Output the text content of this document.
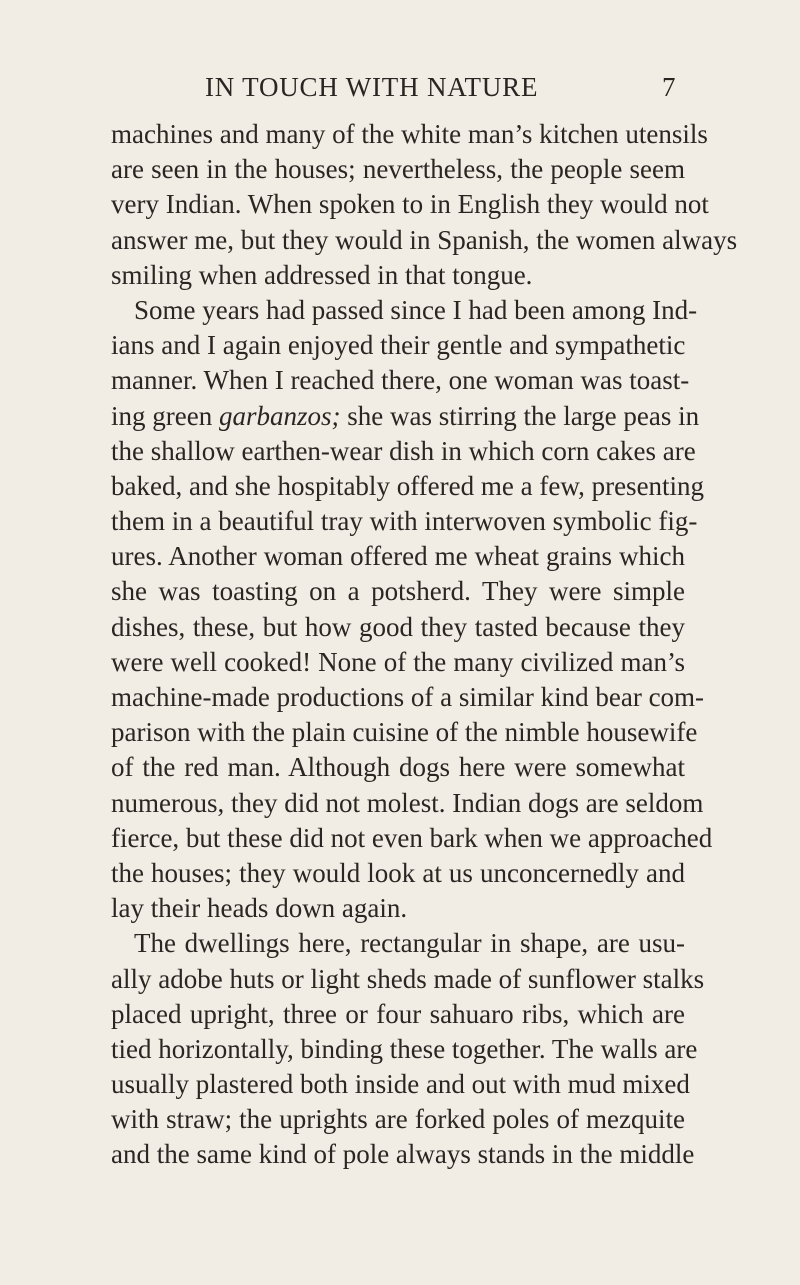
IN TOUCH WITH NATURE	7
machines and many of the white man’s kitchen utensils
are seen in the houses; nevertheless, the people seem
very Indian. When spoken to in English they would not
answer me, but they would in Spanish, the women always
smiling when addressed in that tongue.
Some years had passed since I had been among Ind-
ians and I again enjoyed their gentle and sympathetic
manner. When I reached there, one woman was toast-
ing green garbanzos; she was stirring the large peas in
the shallow earthen-wear dish in which corn cakes are
baked, and she hospitably offered me a few, presenting
them in a beautiful tray with interwoven symbolic fig-
ures. Another woman offered me wheat grains which
she was toasting on a potsherd. They were simple
dishes, these, but how good they tasted because they
were well cooked! None of the many civilized man’s
machine-made productions of a similar kind bear com-
parison with the plain cuisine of the nimble housewife
of the red man. Although dogs here were somewhat
numerous, they did not molest. Indian dogs are seldom
fierce, but these did not even bark when we approached
the houses; they would look at us unconcernedly and
lay their heads down again.
The dwellings here, rectangular in shape, are usu-
ally adobe huts or light sheds made of sunflower stalks
placed upright, three or four sahuaro ribs, which are
tied horizontally, binding these together. The walls are
usually plastered both inside and out with mud mixed
with straw; the uprights are forked poles of mezquite
and the same kind of pole always stands in the middle
